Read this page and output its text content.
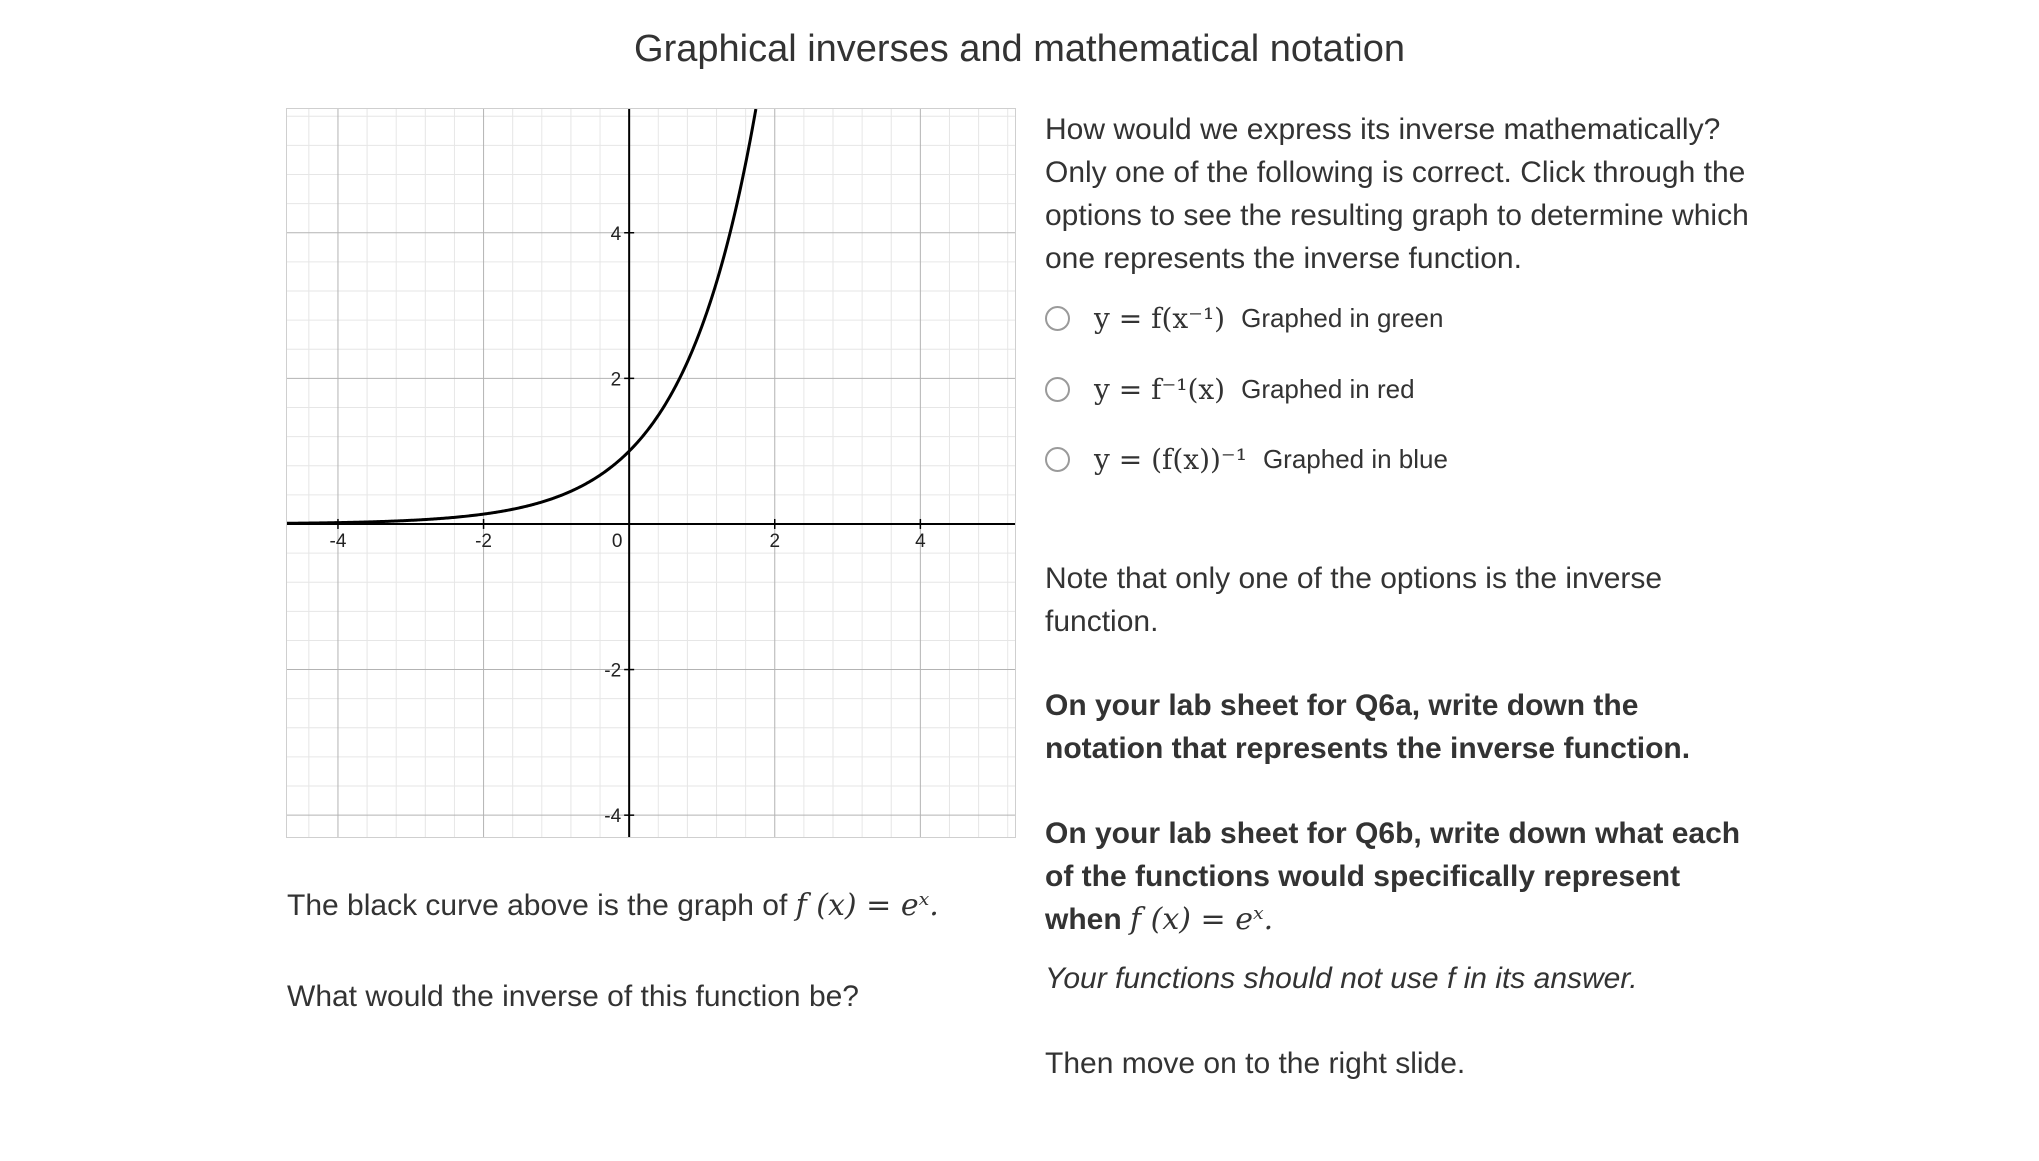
Graphical inverses and mathematical notation
-4	-2	0	2	4
4
2
-2
-4
The black curve above is the graph of f (x) = eˣ.
What would the inverse of this function be?
How would we express its inverse mathematically? Only one of the following is correct. Click through the options to see the resulting graph to determine which one represents the inverse function.
y = f(x⁻¹) Graphed in green
y = f⁻¹(x) Graphed in red
y = (f(x))⁻¹ Graphed in blue
Note that only one of the options is the inverse function.
On your lab sheet for Q6a, write down the notation that represents the inverse function.
On your lab sheet for Q6b, write down what each of the functions would specifically represent when f (x) = eˣ.
Your functions should not use f in its answer.
Then move on to the right slide.
